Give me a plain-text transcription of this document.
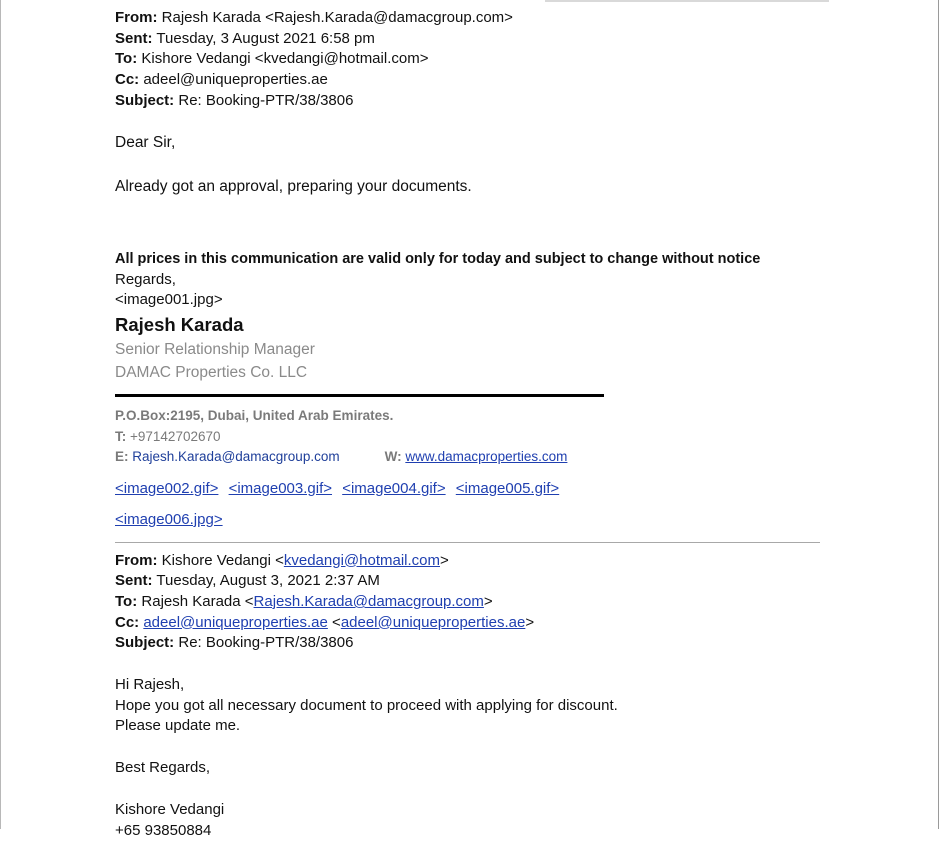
From: Rajesh Karada <Rajesh.Karada@damacgroup.com>
Sent: Tuesday, 3 August 2021 6:58 pm
To: Kishore Vedangi <kvedangi@hotmail.com>
Cc: adeel@uniqueproperties.ae
Subject: Re: Booking-PTR/38/3806
Dear Sir,
Already got an approval, preparing your documents.
All prices in this communication are valid only for today and subject to change without notice
Regards,
<image001.jpg>
Rajesh Karada
Senior Relationship Manager
DAMAC Properties Co. LLC
P.O.Box:2195, Dubai, United Arab Emirates.
T: +97142702670
E: Rajesh.Karada@damacgroup.com	W: www.damacproperties.com
<image002.gif> <image003.gif> <image004.gif> <image005.gif>
<image006.jpg>
From: Kishore Vedangi <kvedangi@hotmail.com>
Sent: Tuesday, August 3, 2021 2:37 AM
To: Rajesh Karada <Rajesh.Karada@damacgroup.com>
Cc: adeel@uniqueproperties.ae <adeel@uniqueproperties.ae>
Subject: Re: Booking-PTR/38/3806
Hi Rajesh,
Hope you got all necessary document to proceed with applying for discount.
Please update me.
Best Regards,
Kishore Vedangi
+65 93850884
